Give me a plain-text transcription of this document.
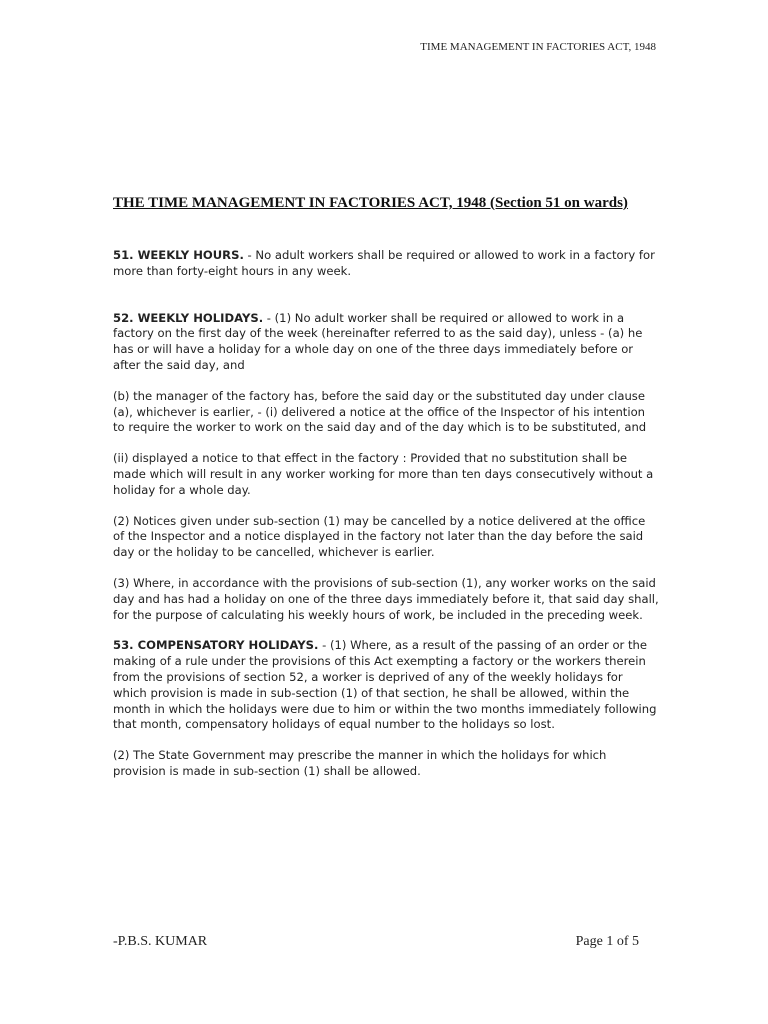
TIME MANAGEMENT IN FACTORIES ACT, 1948
THE TIME MANAGEMENT IN FACTORIES ACT, 1948 (Section 51 on wards)

51. WEEKLY HOURS. - No adult workers shall be required or allowed to work in a factory for more than forty-eight hours in any week.

52. WEEKLY HOLIDAYS. - (1) No adult worker shall be required or allowed to work in a factory on the first day of the week (hereinafter referred to as the said day), unless - (a) he has or will have a holiday for a whole day on one of the three days immediately before or after the said day, and

(b) the manager of the factory has, before the said day or the substituted day under clause (a), whichever is earlier, - (i) delivered a notice at the office of the Inspector of his intention to require the worker to work on the said day and of the day which is to be substituted, and

(ii) displayed a notice to that effect in the factory : Provided that no substitution shall be made which will result in any worker working for more than ten days consecutively without a holiday for a whole day.

(2) Notices given under sub-section (1) may be cancelled by a notice delivered at the office of the Inspector and a notice displayed in the factory not later than the day before the said day or the holiday to be cancelled, whichever is earlier.

(3) Where, in accordance with the provisions of sub-section (1), any worker works on the said day and has had a holiday on one of the three days immediately before it, that said day shall, for the purpose of calculating his weekly hours of work, be included in the preceding week.

53. COMPENSATORY HOLIDAYS. - (1) Where, as a result of the passing of an order or the making of a rule under the provisions of this Act exempting a factory or the workers therein from the provisions of section 52, a worker is deprived of any of the weekly holidays for which provision is made in sub-section (1) of that section, he shall be allowed, within the month in which the holidays were due to him or within the two months immediately following that month, compensatory holidays of equal number to the holidays so lost.

(2) The State Government may prescribe the manner in which the holidays for which provision is made in sub-section (1) shall be allowed.

-P.B.S. KUMAR	Page 1 of 5
